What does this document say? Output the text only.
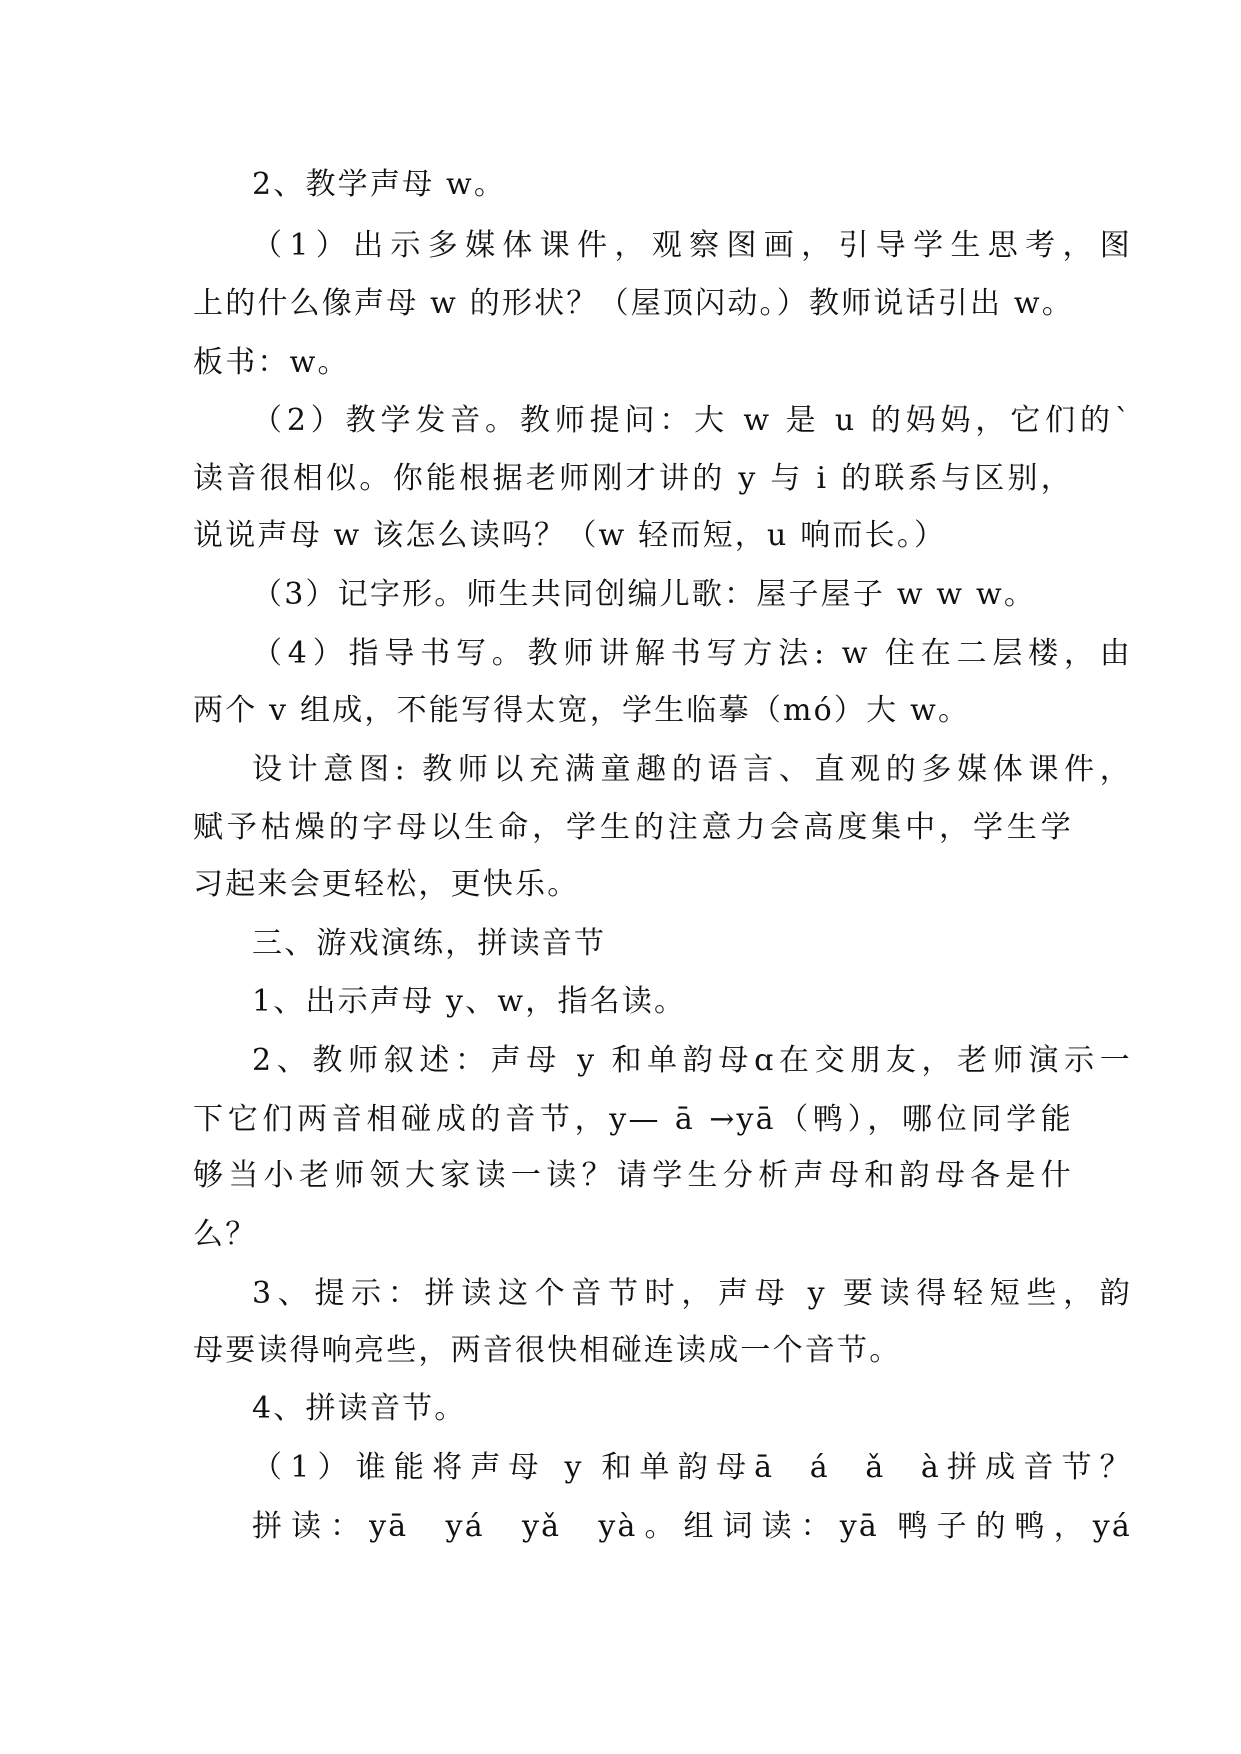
2、教学声母 w。
（1）出示多媒体课件，观察图画，引导学生思考，图
上的什么像声母 w 的形状？（屋顶闪动。）教师说话引出 w。
板书：w。
（2）教学发音。教师提问：大 w 是 u 的妈妈，它们的`
读音很相似。你能根据老师刚才讲的 y 与 i 的联系与区别，
说说声母 w 该怎么读吗？（w 轻而短，u 响而长。）
（3）记字形。师生共同创编儿歌：屋子屋子 w w w。
（4）指导书写。教师讲解书写方法: w 住在二层楼，由
两个 v 组成，不能写得太宽，学生临摹（mó）大 w。
设计意图: 教师以充满童趣的语言、直观的多媒体课件，
赋予枯燥的字母以生命，学生的注意力会高度集中，学生学
习起来会更轻松，更快乐。
三、游戏演练，拼读音节
1、出示声母 y、w，指名读。
2、教师叙述：声母 y 和单韵母ɑ在交朋友，老师演示一
下它们两音相碰成的音节，y— ā →yā（鸭），哪位同学能
够当小老师领大家读一读？请学生分析声母和韵母各是什
么？
3、提示：拼读这个音节时，声母 y 要读得轻短些，韵
母要读得响亮些，两音很快相碰连读成一个音节。
4、拼读音节。
（1）谁能将声母 y 和单韵母ā  á  ǎ  à拼成音节？
拼读：yā  yá  yǎ  yà。组词读：yā 鸭子的鸭，yá
